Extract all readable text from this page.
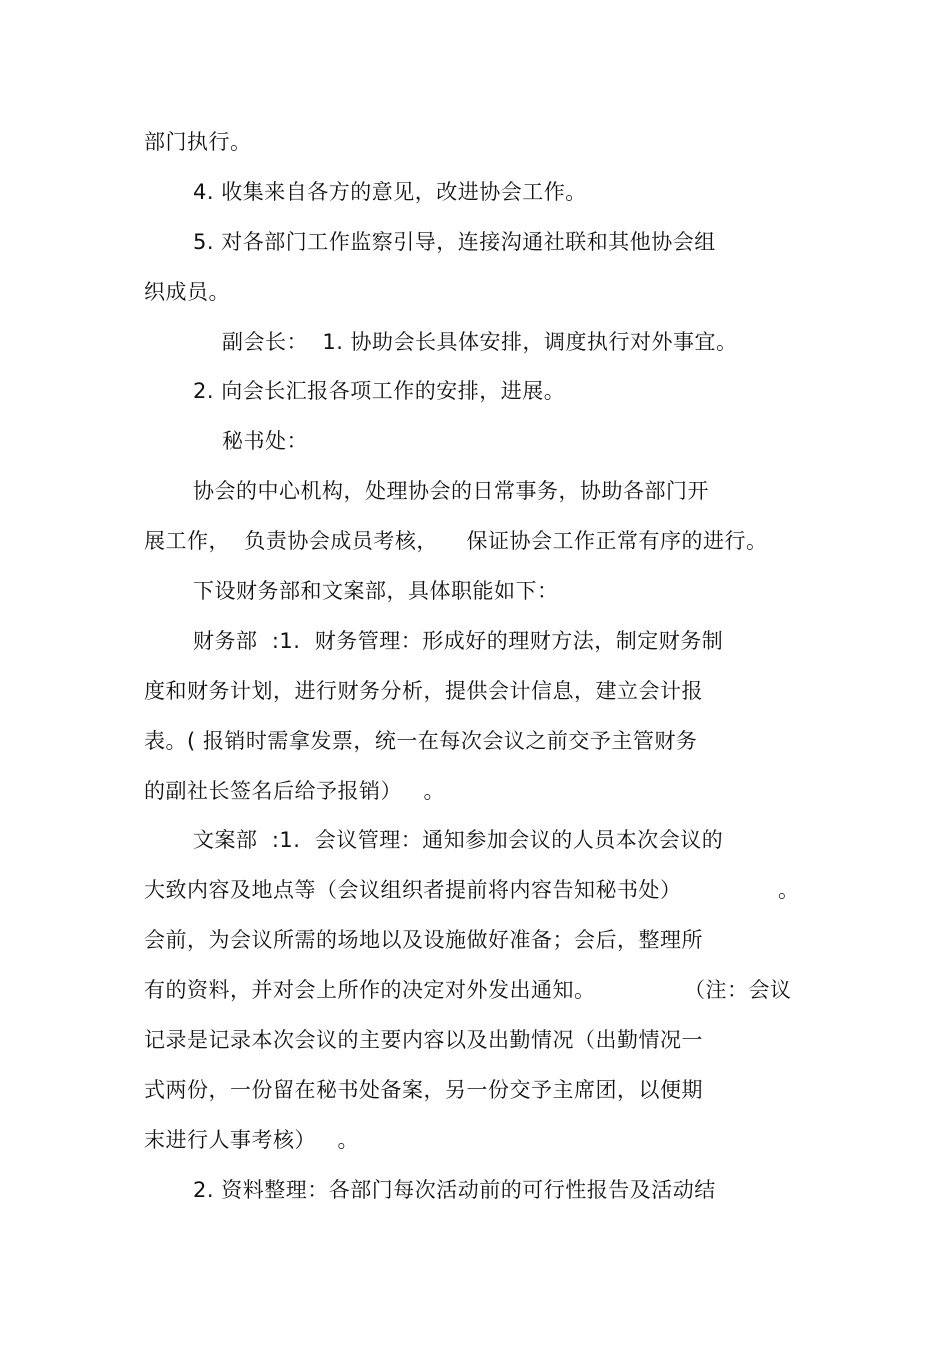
部门执行。
4. 收集来自各方的意见，改进协会工作。
5. 对各部门工作监察引导，连接沟通社联和其他协会组
织成员。
副会长：  1. 协助会长具体安排，调度执行对外事宜。
2. 向会长汇报各项工作的安排，进展。
秘书处：
协会的中心机构，处理协会的日常事务，协助各部门开
展工作，  负责协会成员考核，    保证协会工作正常有序的进行。
下设财务部和文案部，具体职能如下：
财务部  :1.  财务管理：形成好的理财方法，制定财务制
度和财务计划，进行财务分析，提供会计信息，建立会计报
表。( 报销时需拿发票，统一在每次会议之前交予主管财务
的副社长签名后给予报销）   。
文案部  :1.  会议管理：通知参加会议的人员本次会议的
大致内容及地点等（会议组织者提前将内容告知秘书处）	。
会前，为会议所需的场地以及设施做好准备；会后，整理所
有的资料，并对会上所作的决定对外发出通知。	（注：会议
记录是记录本次会议的主要内容以及出勤情况（出勤情况一
式两份，一份留在秘书处备案，另一份交予主席团，以便期
末进行人事考核）   。
2. 资料整理：各部门每次活动前的可行性报告及活动结
